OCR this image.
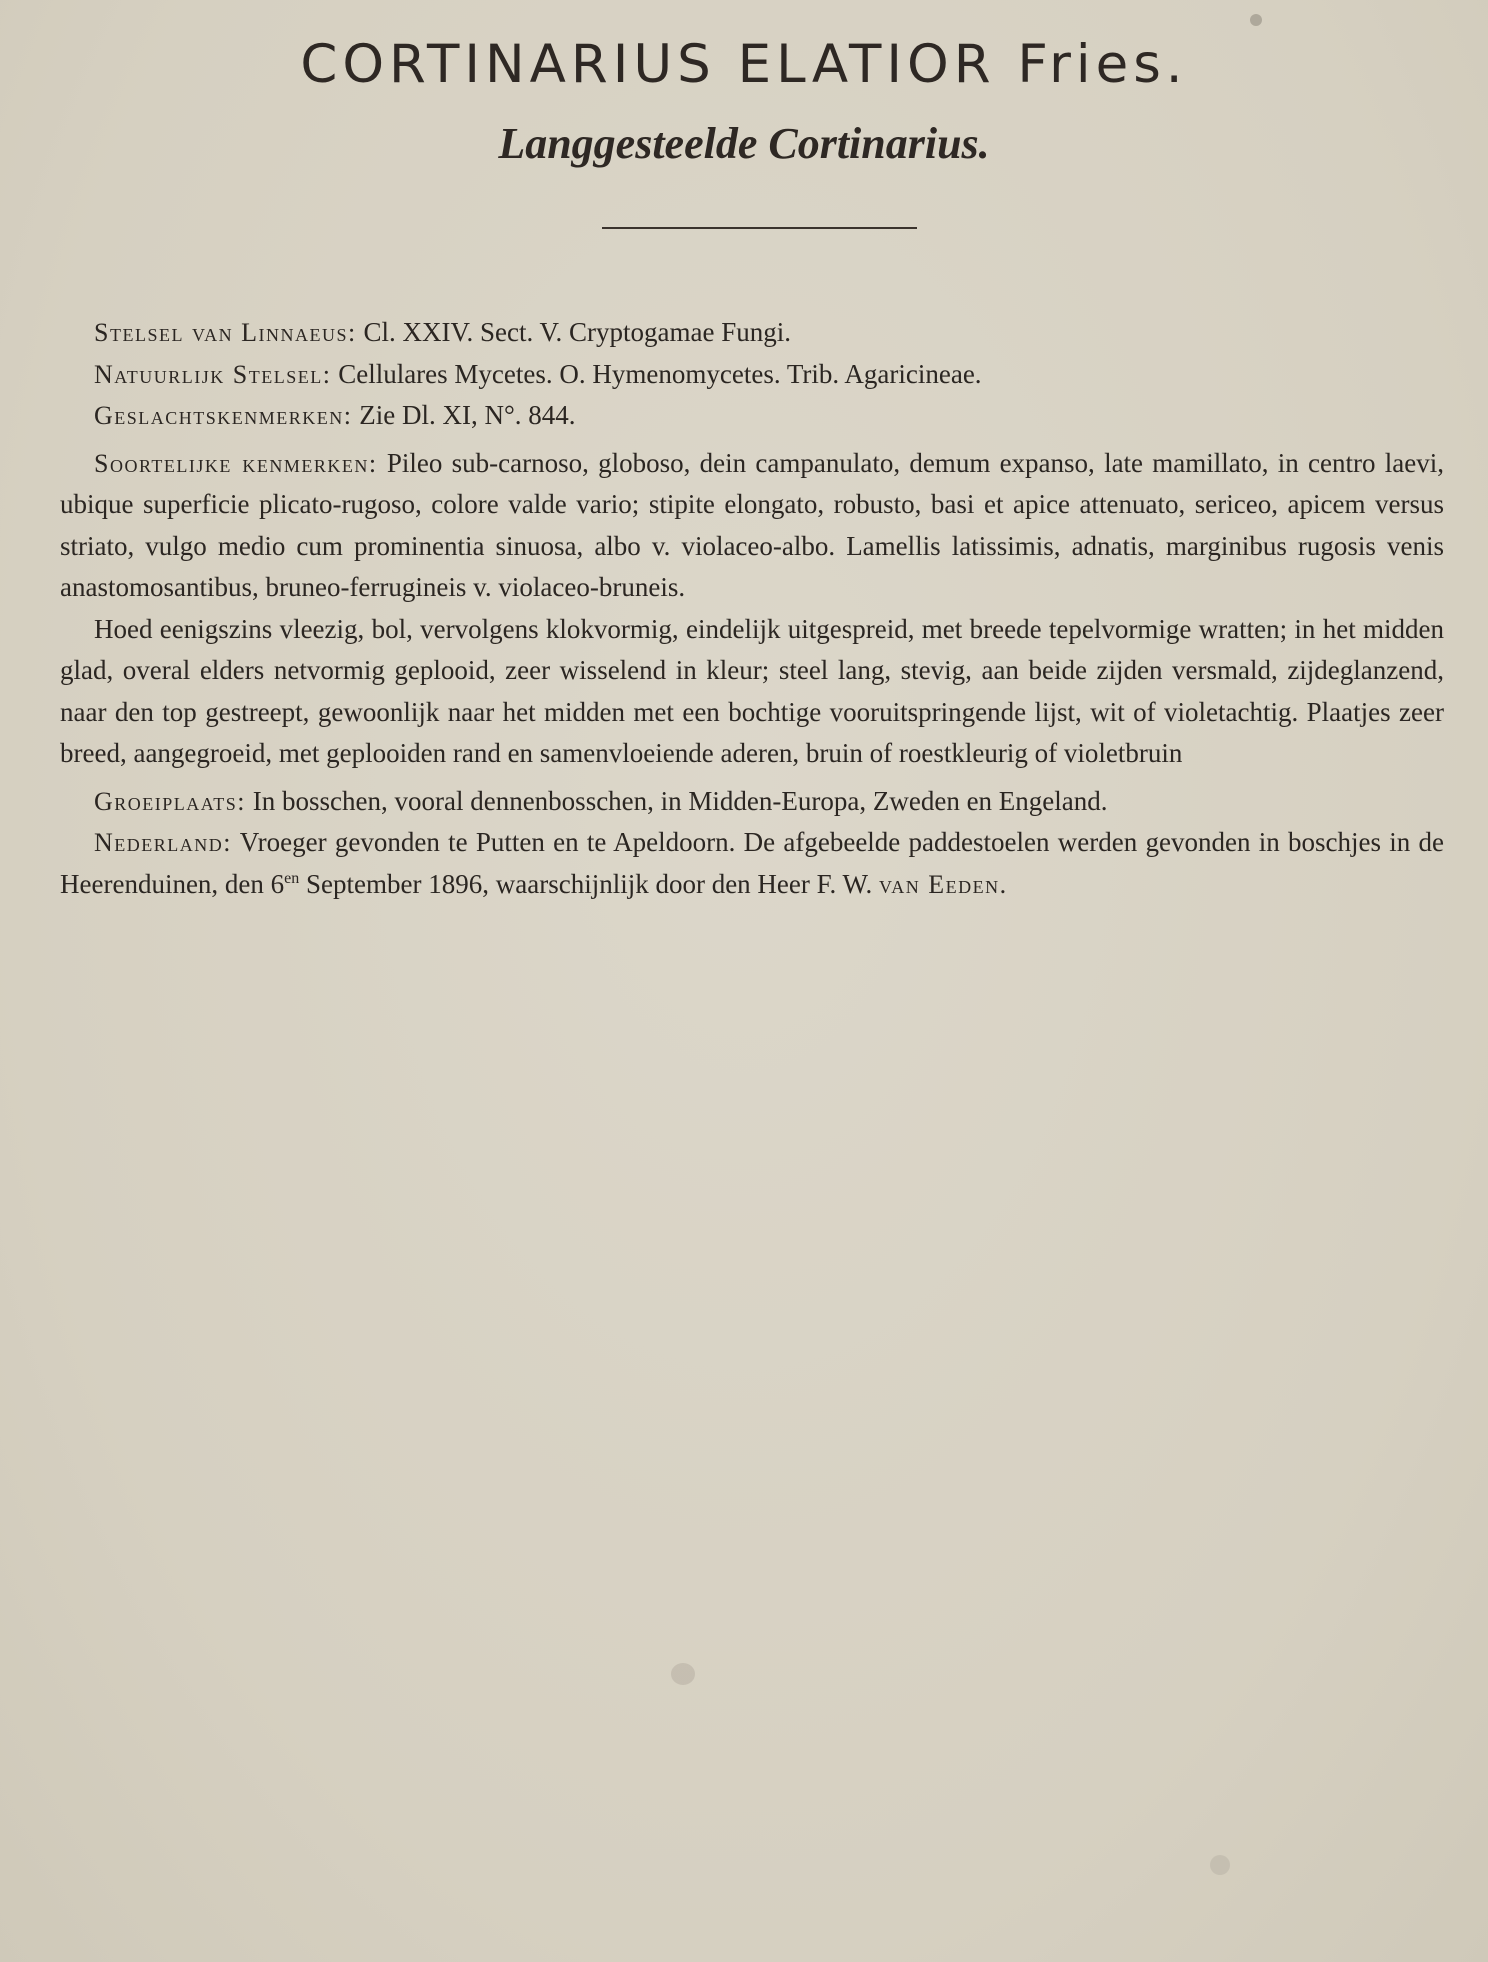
CORTINARIUS ELATIOR Fries.
Langgesteelde Cortinarius.

Stelsel van Linnaeus: Cl. XXIV. Sect. V. Cryptogamae Fungi.

Natuurlijk Stelsel: Cellulares Mycetes. O. Hymenomycetes. Trib. Agaricineae.

Geslachtskenmerken: Zie Dl. XI, N°. 844.

Soortelijke kenmerken: Pileo sub-carnoso, globoso, dein campanulato, demum expanso, late mamillato, in centro laevi, ubique superficie plicato-rugoso, colore valde vario; stipite elongato, robusto, basi et apice attenuato, sericeo, apicem versus striato, vulgo medio cum prominentia sinuosa, albo v. violaceo-albo. Lamellis latissimis, adnatis, marginibus rugosis venis anastomosantibus, bruneo-ferrugineis v. violaceo-bruneis.

Hoed eenigszins vleezig, bol, vervolgens klokvormig, eindelijk uitgespreid, met breede tepelvormige wratten; in het midden glad, overal elders netvormig geplooid, zeer wisselend in kleur; steel lang, stevig, aan beide zijden versmald, zijdeglanzend, naar den top gestreept, gewoonlijk naar het midden met een bochtige vooruitspringende lijst, wit of violetachtig. Plaatjes zeer breed, aangegroeid, met geplooiden rand en samenvloeiende aderen, bruin of roestkleurig of violetbruin

Groeiplaats: In bosschen, vooral dennenbosschen, in Midden-Europa, Zweden en Engeland.

Nederland: Vroeger gevonden te Putten en te Apeldoorn. De afgebeelde paddestoelen werden gevonden in boschjes in de Heerenduinen, den $6^{en}$ September 1896, waarschijnlijk door den Heer F. W. van Eeden.
